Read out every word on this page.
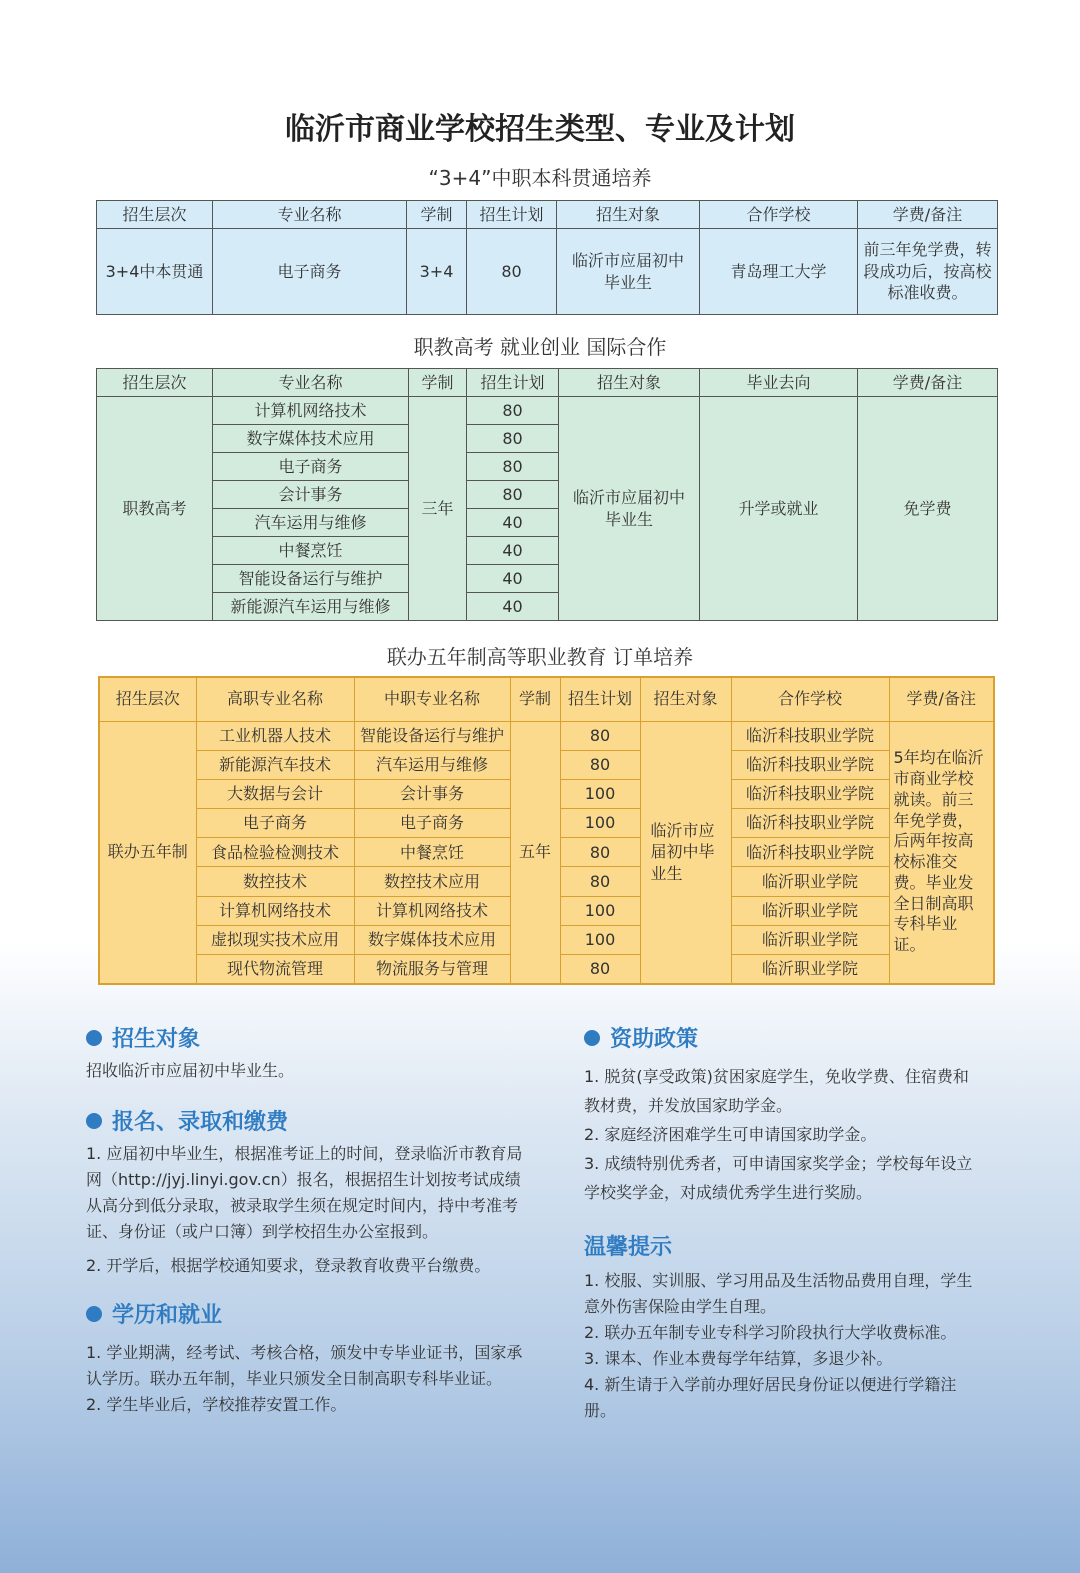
临沂市商业学校招生类型、专业及计划
“3+4”中职本科贯通培养
招生层次	专业名称	学制	招生计划	招生对象	合作学校	学费/备注
3+4中本贯通	电子商务	3+4	80	临沂市应届初中毕业生	青岛理工大学	前三年免学费，转段成功后，按高校标准收费。
职教高考 就业创业 国际合作
招生层次	专业名称	学制	招生计划	招生对象	毕业去向	学费/备注
职教高考	计算机网络技术	三年	80	临沂市应届初中毕业生	升学或就业	免学费
	数字媒体技术应用		80			
	电子商务		80			
	会计事务		80			
	汽车运用与维修		40			
	中餐烹饪		40			
	智能设备运行与维护		40			
	新能源汽车运用与维修		40			
联办五年制高等职业教育 订单培养
招生层次	高职专业名称	中职专业名称	学制	招生计划	招生对象	合作学校	学费/备注
联办五年制	工业机器人技术	智能设备运行与维护	五年	80	临沂市应届初中毕业生	临沂科技职业学院	5年均在临沂市商业学校就读。前三年免学费，后两年按高校标准交费。毕业发全日制高职专科毕业证。
	新能源汽车技术	汽车运用与维修		80		临沂科技职业学院	
	大数据与会计	会计事务		100		临沂科技职业学院	
	电子商务	电子商务		100		临沂科技职业学院	
	食品检验检测技术	中餐烹饪		80		临沂科技职业学院	
	数控技术	数控技术应用		80		临沂职业学院	
	计算机网络技术	计算机网络技术		100		临沂职业学院	
	虚拟现实技术应用	数字媒体技术应用		100		临沂职业学院	
	现代物流管理	物流服务与管理		80		临沂职业学院	
招生对象

招收临沂市应届初中毕业生。

报名、录取和缴费

1. 应届初中毕业生，根据准考证上的时间，登录临沂市教育局网（http://jyj.linyi.gov.cn）报名，根据招生计划按考试成绩从高分到低分录取，被录取学生须在规定时间内，持中考准考证、身份证（或户口簿）到学校招生办公室报到。

2. 开学后，根据学校通知要求，登录教育收费平台缴费。

学历和就业

1. 学业期满，经考试、考核合格，颁发中专毕业证书，国家承认学历。联办五年制，毕业只颁发全日制高职专科毕业证。

2. 学生毕业后，学校推荐安置工作。

资助政策

1. 脱贫(享受政策)贫困家庭学生，免收学费、住宿费和教材费，并发放国家助学金。

2. 家庭经济困难学生可申请国家助学金。

3. 成绩特别优秀者，可申请国家奖学金；学校每年设立学校奖学金，对成绩优秀学生进行奖励。

温馨提示

1. 校服、实训服、学习用品及生活物品费用自理，学生意外伤害保险由学生自理。

2. 联办五年制专业专科学习阶段执行大学收费标准。

3. 课本、作业本费每学年结算，多退少补。

4. 新生请于入学前办理好居民身份证以便进行学籍注册。
